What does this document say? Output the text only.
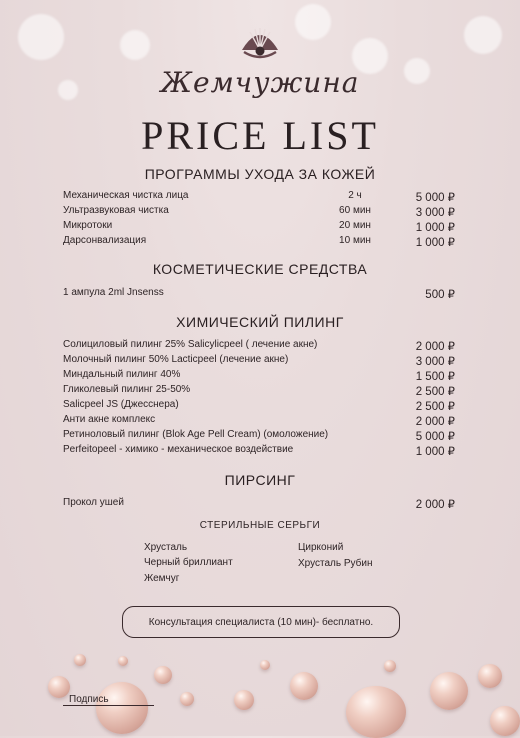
Жемчужина
PRICE LIST
ПРОГРАММЫ УХОДА ЗА КОЖЕЙ
Механическая чистка лица	2 ч	5 000 ₽
Ультразвуковая чистка	60 мин	3 000 ₽
Микротоки	20 мин	1 000 ₽
Дарсонвализация	10 мин	1 000 ₽
КОСМЕТИЧЕСКИЕ СРЕДСТВА
1 ампула 2ml Jnsenss	500 ₽
ХИМИЧЕСКИЙ ПИЛИНГ
Солициловый пилинг 25% Salicylicpeel ( лечение акне)	2 000 ₽
Молочный пилинг 50% Lacticpeel (лечение акне)	3 000 ₽
Миндальный пилинг 40%	1 500 ₽
Гликолевый пилинг 25-50%	2 500 ₽
Salicpeel JS (Джесснера)	2 500 ₽
Анти акне комплекс	2 000 ₽
Ретиноловый пилинг (Blok Age Pell Cream) (омоложение)	5 000 ₽
Perfeitopeel - химико - механическое воздействие	1 000 ₽
ПИРСИНГ
Прокол ушей	2 000 ₽
СТЕРИЛЬНЫЕ СЕРЬГИ
Хрусталь
Черный бриллиант
Жемчуг
Цирконий
Хрусталь Рубин
Консультация специалиста (10 мин)- бесплатно.
Подпись
